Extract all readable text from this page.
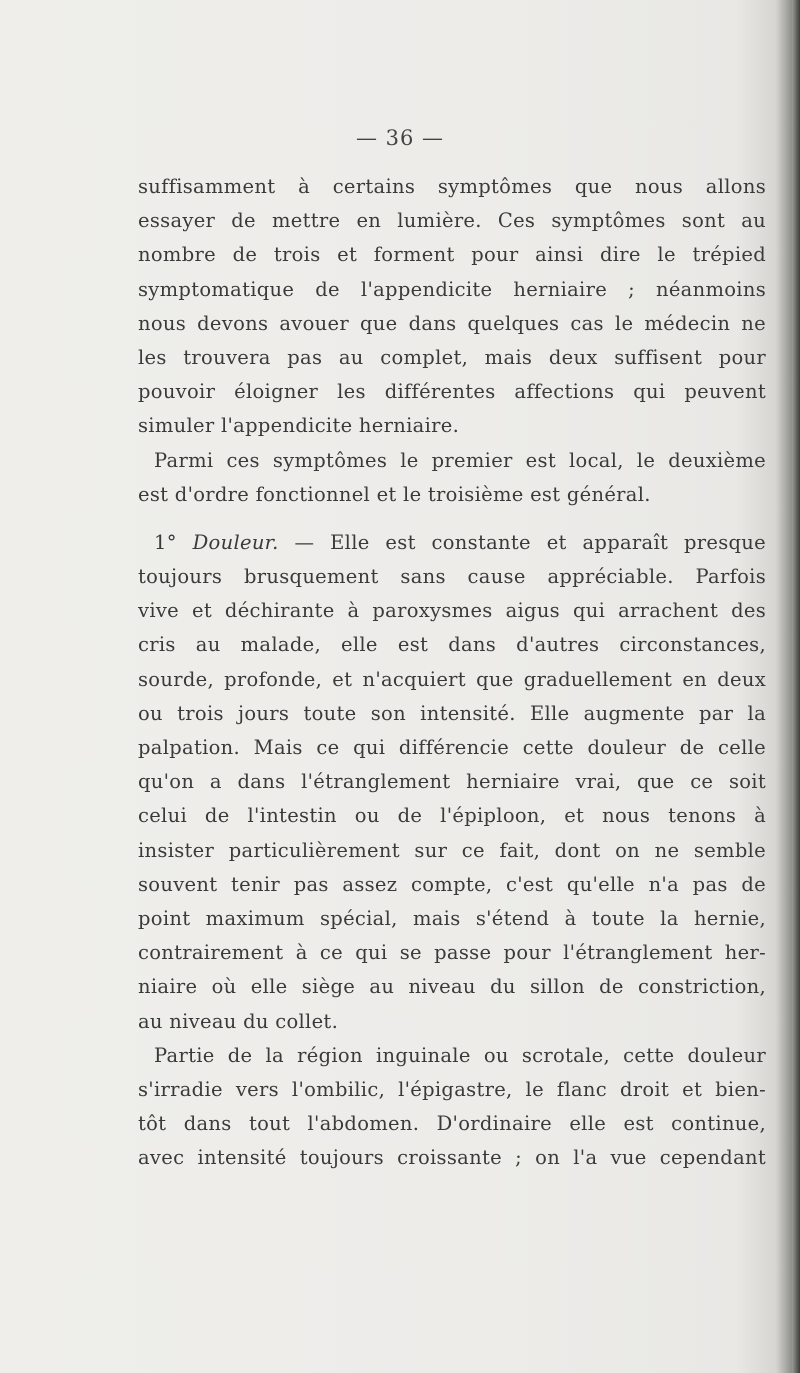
— 36 —
suffisamment à certains symptômes que nous allons
essayer de mettre en lumière. Ces symptômes sont au
nombre de trois et forment pour ainsi dire le trépied
symptomatique de l'appendicite herniaire ; néanmoins
nous devons avouer que dans quelques cas le médecin ne
les trouvera pas au complet, mais deux suffisent pour
pouvoir éloigner les différentes affections qui peuvent
simuler l'appendicite herniaire.
Parmi ces symptômes le premier est local, le deuxième
est d'ordre fonctionnel et le troisième est général.
1° Douleur. — Elle est constante et apparaît presque
toujours brusquement sans cause appréciable. Parfois
vive et déchirante à paroxysmes aigus qui arrachent des
cris au malade, elle est dans d'autres circonstances,
sourde, profonde, et n'acquiert que graduellement en deux
ou trois jours toute son intensité. Elle augmente par la
palpation. Mais ce qui différencie cette douleur de celle
qu'on a dans l'étranglement herniaire vrai, que ce soit
celui de l'intestin ou de l'épiploon, et nous tenons à
insister particulièrement sur ce fait, dont on ne semble
souvent tenir pas assez compte, c'est qu'elle n'a pas de
point maximum spécial, mais s'étend à toute la hernie,
contrairement à ce qui se passe pour l'étranglement her-
niaire où elle siège au niveau du sillon de constriction,
au niveau du collet.
Partie de la région inguinale ou scrotale, cette douleur
s'irradie vers l'ombilic, l'épigastre, le flanc droit et bien-
tôt dans tout l'abdomen. D'ordinaire elle est continue,
avec intensité toujours croissante ; on l'a vue cependant
